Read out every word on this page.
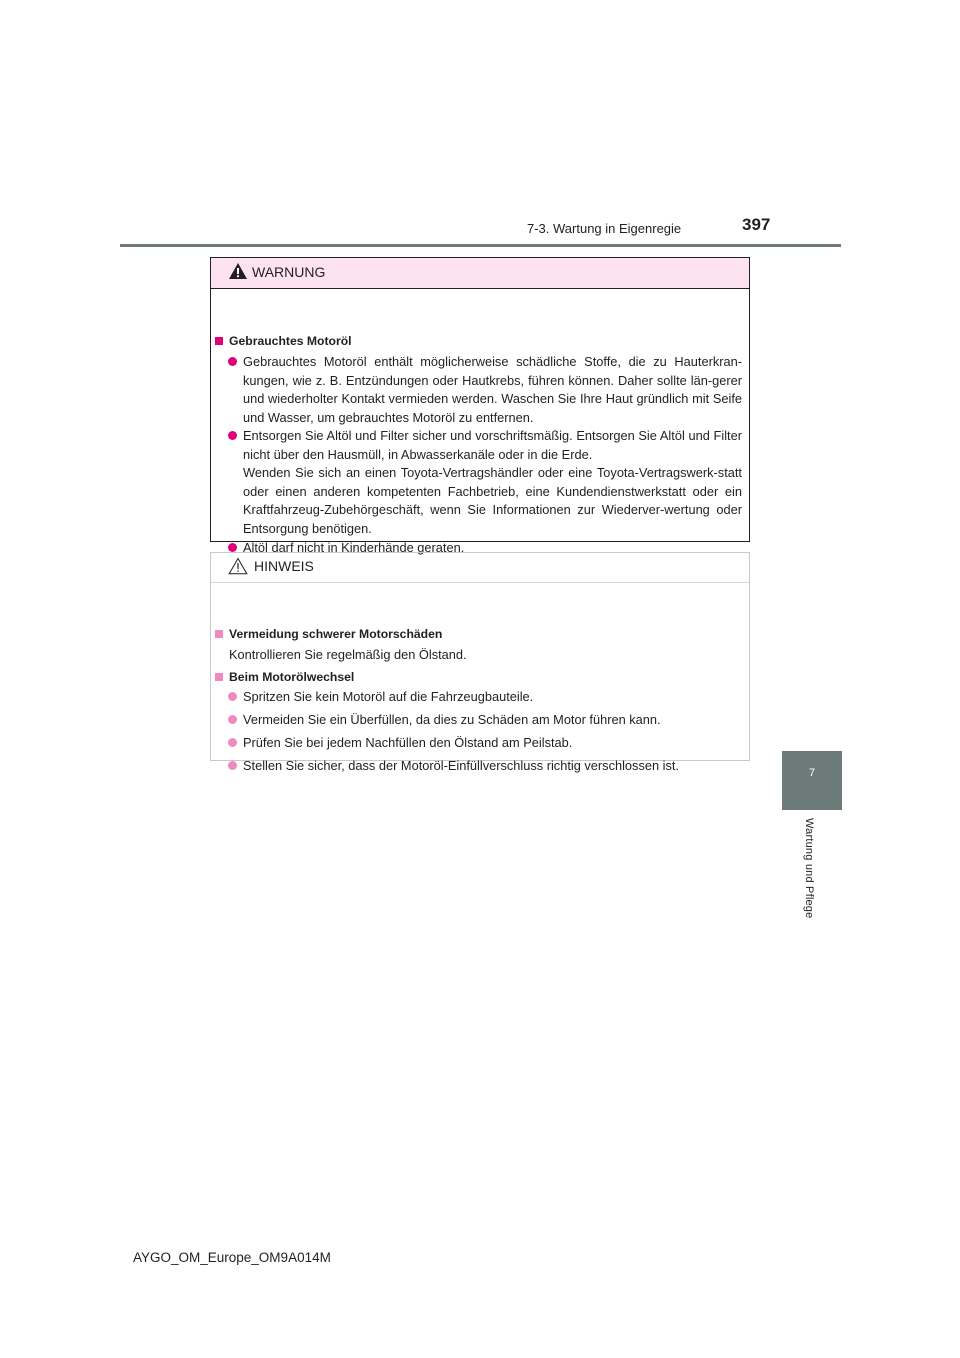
7-3. Wartung in Eigenregie	397
7
Wartung und Pflege
WARNUNG
Gebrauchtes Motoröl
Gebrauchtes Motoröl enthält möglicherweise schädliche Stoffe, die zu Hauterkran-kungen, wie z. B. Entzündungen oder Hautkrebs, führen können. Daher sollte län-gerer und wiederholter Kontakt vermieden werden. Waschen Sie Ihre Haut gründlich mit Seife und Wasser, um gebrauchtes Motoröl zu entfernen.
Entsorgen Sie Altöl und Filter sicher und vorschriftsmäßig. Entsorgen Sie Altöl und Filter nicht über den Hausmüll, in Abwasserkanäle oder in die Erde.
Wenden Sie sich an einen Toyota-Vertragshändler oder eine Toyota-Vertragswerk-statt oder einen anderen kompetenten Fachbetrieb, eine Kundendienstwerkstatt oder ein Kraftfahrzeug-Zubehörgeschäft, wenn Sie Informationen zur Wiederver-wertung oder Entsorgung benötigen.
Altöl darf nicht in Kinderhände geraten.
HINWEIS
Vermeidung schwerer Motorschäden
Kontrollieren Sie regelmäßig den Ölstand.
Beim Motorölwechsel
Spritzen Sie kein Motoröl auf die Fahrzeugbauteile.
Vermeiden Sie ein Überfüllen, da dies zu Schäden am Motor führen kann.
Prüfen Sie bei jedem Nachfüllen den Ölstand am Peilstab.
Stellen Sie sicher, dass der Motoröl-Einfüllverschluss richtig verschlossen ist.
AYGO_OM_Europe_OM9A014M
